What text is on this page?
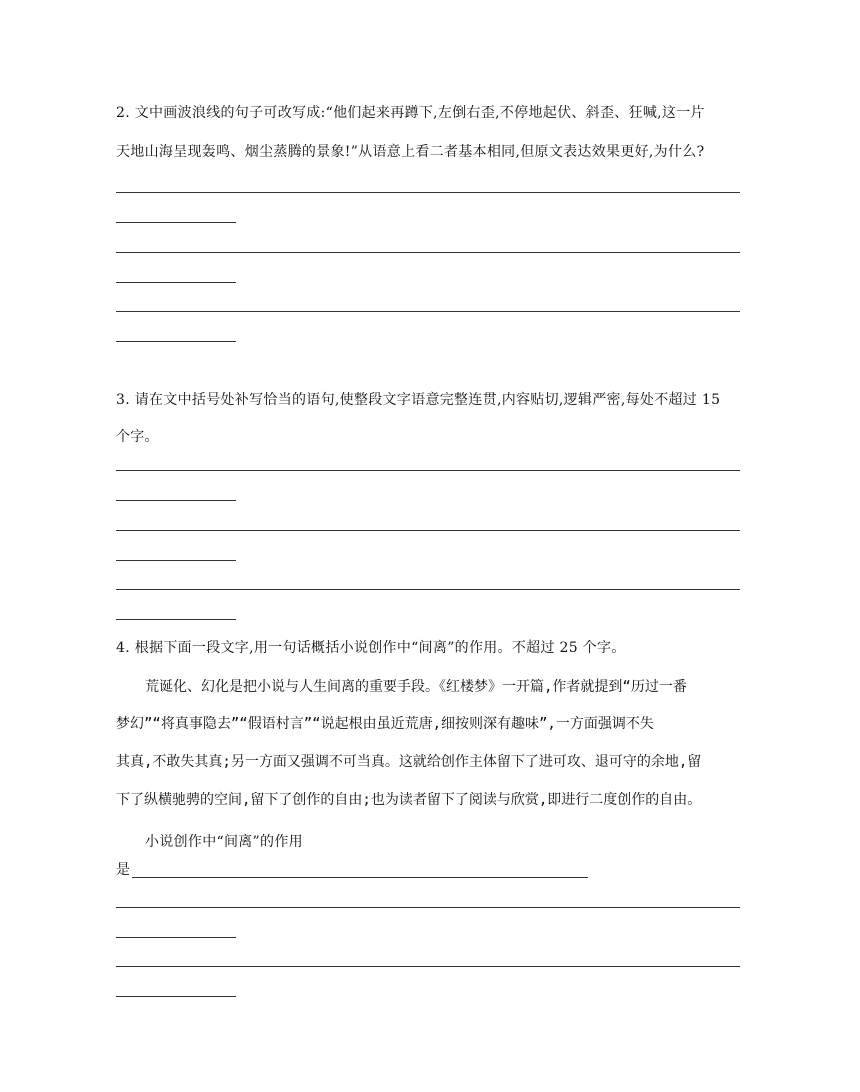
2. 文中画波浪线的句子可改写成:“他们起来再蹲下,左倒右歪,不停地起伏、斜歪、狂喊,这一片
天地山海呈现轰鸣、烟尘蒸腾的景象!”从语意上看二者基本相同,但原文表达效果更好,为什么?
3. 请在文中括号处补写恰当的语句,使整段文字语意完整连贯,内容贴切,逻辑严密,每处不超过 15
个字。
4. 根据下面一段文字,用一句话概括小说创作中“间离”的作用。不超过 25 个字。
荒诞化、幻化是把小说与人生间离的重要手段。《红楼梦》一开篇,作者就提到“历过一番
梦幻”“将真事隐去”“假语村言”“说起根由虽近荒唐,细按则深有趣味”,一方面强调不失
其真,不敢失其真;另一方面又强调不可当真。这就给创作主体留下了进可攻、退可守的余地,留
下了纵横驰骋的空间,留下了创作的自由;也为读者留下了阅读与欣赏,即进行二度创作的自由。
小说创作中“间离”的作用
是
